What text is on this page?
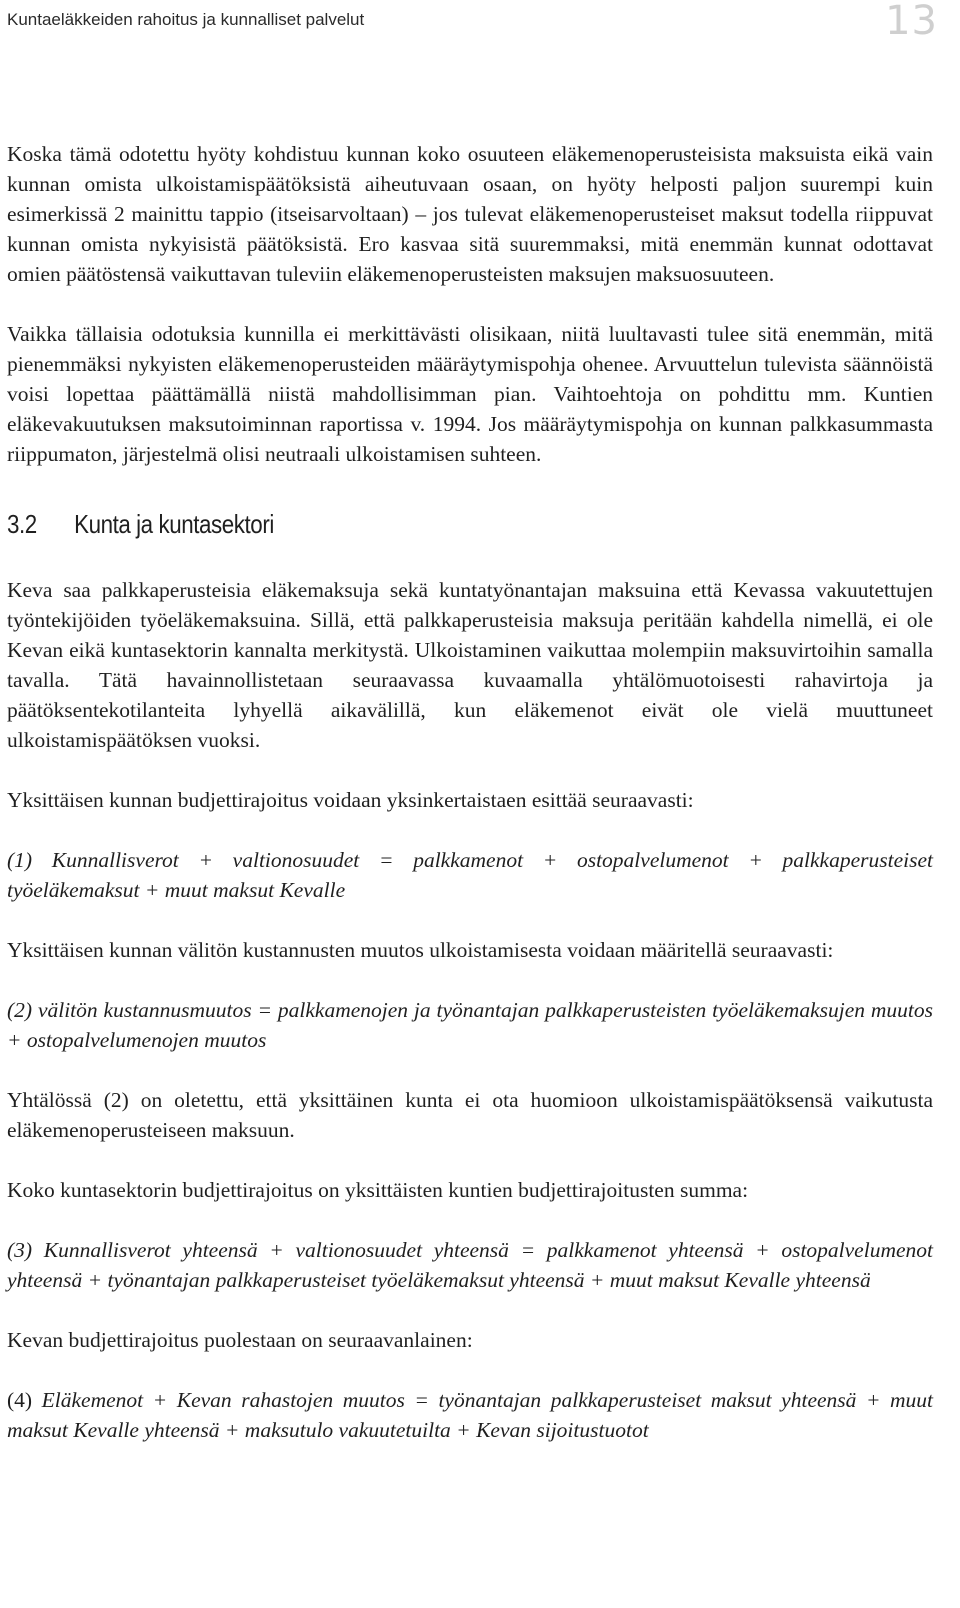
Kuntaeläkkeiden rahoitus ja kunnalliset palvelut	13

Koska tämä odotettu hyöty kohdistuu kunnan koko osuuteen eläkemenoperusteisista maksuista eikä vain kunnan omista ulkoistamispäätöksistä aiheutuvaan osaan, on hyöty helposti paljon suurempi kuin esimerkissä 2 mainittu tappio (itseisarvoltaan) – jos tulevat eläkemenoperusteiset maksut todella riippuvat kunnan omista nykyisistä päätöksistä. Ero kasvaa sitä suuremmaksi, mitä enemmän kunnat odottavat omien päätöstensä vaikuttavan tuleviin eläkemenoperusteisten maksujen maksuosuuteen.

Vaikka tällaisia odotuksia kunnilla ei merkittävästi olisikaan, niitä luultavasti tulee sitä enemmän, mitä pienemmäksi nykyisten eläkemenoperusteiden määräytymispohja ohenee. Arvuuttelun tulevista säännöistä voisi lopettaa päättämällä niistä mahdollisimman pian. Vaihtoehtoja on pohdittu mm. Kuntien eläkevakuutuksen maksutoiminnan raportissa v. 1994. Jos määräytymispohja on kunnan palkkasummasta riippumaton, järjestelmä olisi neutraali ulkoistamisen suhteen.

3.2 Kunta ja kuntasektori

Keva saa palkkaperusteisia eläkemaksuja sekä kuntatyönantajan maksuina että Kevassa vakuutettujen työntekijöiden työeläkemaksuina. Sillä, että palkkaperusteisia maksuja peritään kahdella nimellä, ei ole Kevan eikä kuntasektorin kannalta merkitystä. Ulkoistaminen vaikuttaa molempiin maksuvirtoihin samalla tavalla. Tätä havainnollistetaan seuraavassa kuvaamalla yhtälömuotoisesti rahavirtoja ja päätöksentekotilanteita lyhyellä aikavälillä, kun eläkemenot eivät ole vielä muuttuneet ulkoistamispäätöksen vuoksi.

Yksittäisen kunnan budjettirajoitus voidaan yksinkertaistaen esittää seuraavasti:

(1) Kunnallisverot + valtionosuudet = palkkamenot + ostopalvelumenot + palkkaperusteiset työeläkemaksut + muut maksut Kevalle

Yksittäisen kunnan välitön kustannusten muutos ulkoistamisesta voidaan määritellä seuraavasti:

(2) välitön kustannusmuutos = palkkamenojen ja työnantajan palkkaperusteisten työeläkemaksujen muutos + ostopalvelumenojen muutos

Yhtälössä (2) on oletettu, että yksittäinen kunta ei ota huomioon ulkoistamispäätöksensä vaikutusta eläkemenoperusteiseen maksuun.

Koko kuntasektorin budjettirajoitus on yksittäisten kuntien budjettirajoitusten summa:

(3) Kunnallisverot yhteensä + valtionosuudet yhteensä = palkkamenot yhteensä + ostopalvelumenot yhteensä + työnantajan palkkaperusteiset työeläkemaksut yhteensä + muut maksut Kevalle yhteensä

Kevan budjettirajoitus puolestaan on seuraavanlainen:

(4) Eläkemenot + Kevan rahastojen muutos = työnantajan palkkaperusteiset maksut yhteensä + muut maksut Kevalle yhteensä + maksutulo vakuutetuilta + Kevan sijoitustuotot
